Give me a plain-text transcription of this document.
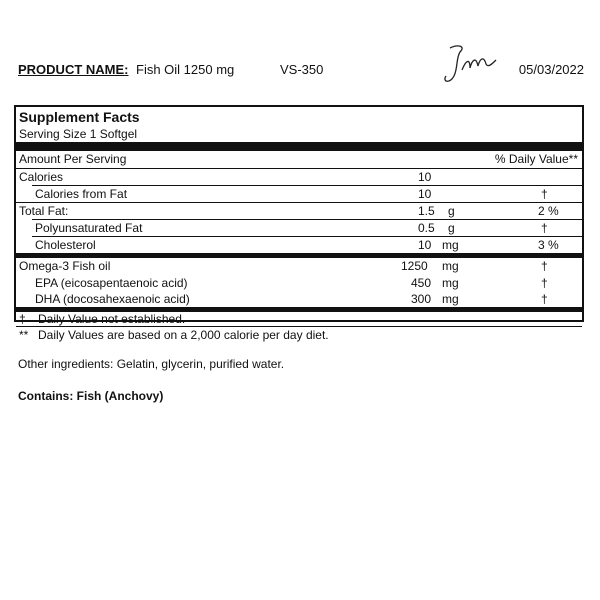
PRODUCT NAME: Fish Oil 1250 mg	VS-350	05/03/2022
Supplement Facts
Serving Size 1 Softgel
Amount Per Serving	% Daily Value**
Calories	10
Calories from Fat	10	†
Total Fat:	1.5 g	2 %
Polyunsaturated Fat	0.5 g	†
Cholesterol	10 mg	3 %
Omega-3 Fish oil	1250 mg	†
EPA (eicosapentaenoic acid)	450 mg	†
DHA (docosahexaenoic acid)	300 mg	†
† Daily Value not established.
** Daily Values are based on a 2,000 calorie per day diet.
Other ingredients: Gelatin, glycerin, purified water.
Contains: Fish (Anchovy)
